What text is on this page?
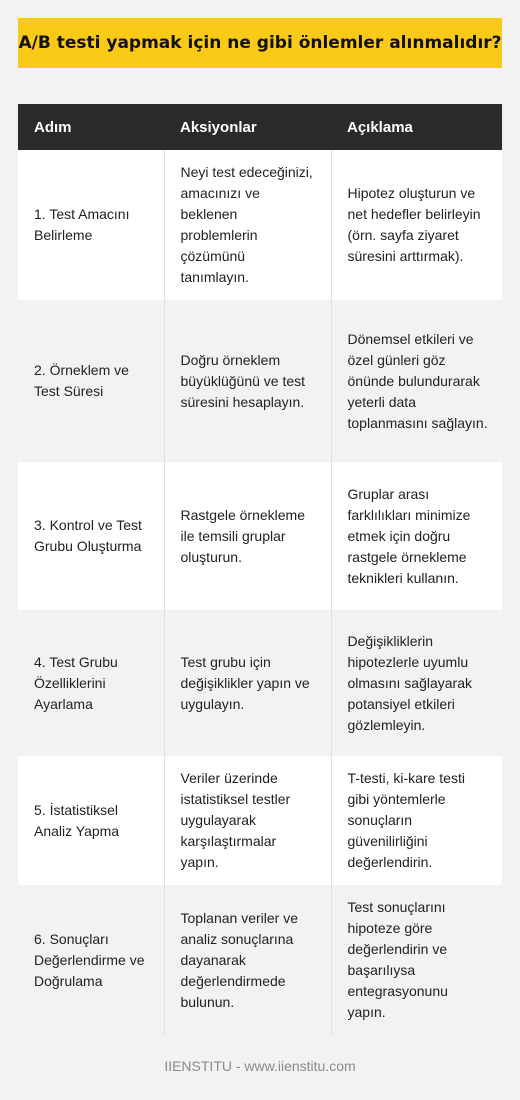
A/B testi yapmak için ne gibi önlemler alınmalıdır?
Adım	Aksiyonlar	Açıklama
1. Test Amacını Belirleme	Neyi test edeceğinizi, amacınızı ve beklenen problemlerin çözümünü tanımlayın.	Hipotez oluşturun ve net hedefler belirleyin (örn. sayfa ziyaret süresini arttırmak).
2. Örneklem ve Test Süresi	Doğru örneklem büyüklüğünü ve test süresini hesaplayın.	Dönemsel etkileri ve özel günleri göz önünde bulundurarak yeterli data toplanmasını sağlayın.
3. Kontrol ve Test Grubu Oluşturma	Rastgele örnekleme ile temsili gruplar oluşturun.	Gruplar arası farklılıkları minimize etmek için doğru rastgele örnekleme teknikleri kullanın.
4. Test Grubu Özelliklerini Ayarlama	Test grubu için değişiklikler yapın ve uygulayın.	Değişikliklerin hipotezlerle uyumlu olmasını sağlayarak potansiyel etkileri gözlemleyin.
5. İstatistiksel Analiz Yapma	Veriler üzerinde istatistiksel testler uygulayarak karşılaştırmalar yapın.	T-testi, ki-kare testi gibi yöntemlerle sonuçların güvenilirliğini değerlendirin.
6. Sonuçları Değerlendirme ve Doğrulama	Toplanan veriler ve analiz sonuçlarına dayanarak değerlendirmede bulunun.	Test sonuçlarını hipoteze göre değerlendirin ve başarılıysa entegrasyonunu yapın.
IIENSTITU - www.iienstitu.com
